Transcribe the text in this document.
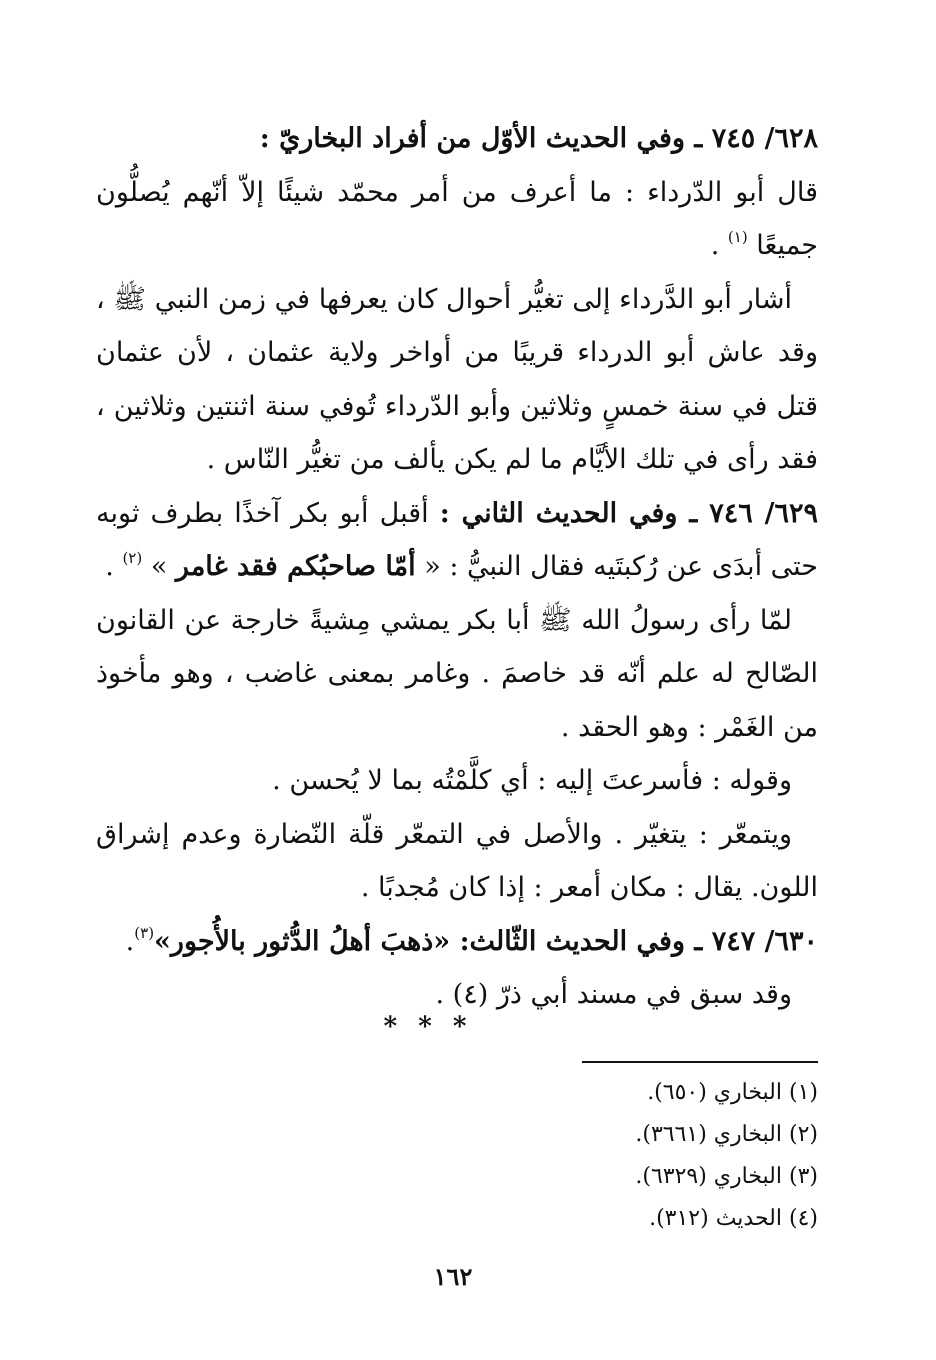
٦٢٨/ ٧٤٥ ـ وفي الحديث الأوّل من أفراد البخاريّ :
قال أبو الدّرداء : ما أعرف من أمر محمّد شيئًا إلاّ أنّهم يُصلُّون جميعًا $^{(١)}$ .

أشار أبو الدَّرداء إلى تغيُّر أحوال كان يعرفها في زمن النبي ﷺ ، وقد عاش أبو الدرداء قريبًا من أواخر ولاية عثمان ، لأن عثمان قتل في سنة خمسٍ وثلاثين وأبو الدّرداء تُوفي سنة اثنتين وثلاثين ، فقد رأى في تلك الأيَّام ما لم يكن يألف من تغيُّر النّاس .

٦٢٩/ ٧٤٦ ـ وفي الحديث الثاني : أقبل أبو بكر آخذًا بطرف ثوبه حتى أبدَى عن رُكبتَيه فقال النبيُّ : « أمّا صاحبُكم فقد غامر » $^{(٢)}$ .

لمّا رأى رسولُ الله ﷺ أبا بكر يمشي مِشيةً خارجة عن القانون الصّالح له علم أنّه قد خاصمَ . وغامر بمعنى غاضب ، وهو مأخوذ من الغَمْر : وهو الحقد .

وقوله : فأسرعتَ إليه : أي كلَّمْتُه بما لا يُحسن .

ويتمعّر : يتغيّر . والأصل في التمعّر قلّة النّضارة وعدم إشراق اللون. يقال : مكان أمعر : إذا كان مُجدبًا .

٦٣٠/ ٧٤٧ ـ وفي الحديث الثّالث: «ذهبَ أهلُ الدُّثور بالأُجور»$^{(٣)}$.

وقد سبق في مسند أبي ذرّ (٤) .

* * *
(١) البخاري (٦٥٠).
(٢) البخاري (٣٦٦١).
(٣) البخاري (٦٣٢٩).
(٤) الحديث (٣١٢).
١٦٢
